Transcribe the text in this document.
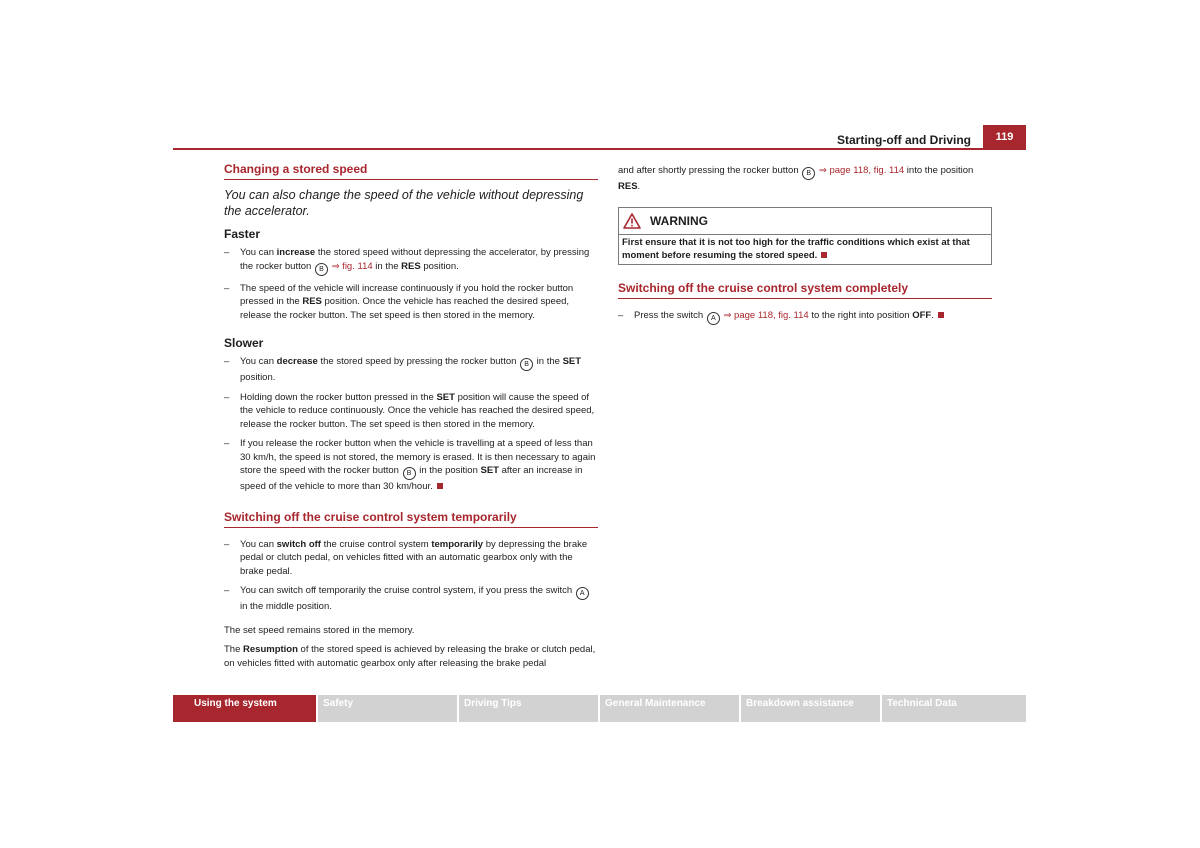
Starting-off and Driving	119
Changing a stored speed

You can also change the speed of the vehicle without depressing the accelerator.

Faster
– You can increase the stored speed without depressing the accelerator, by pressing the rocker button B ⇒ fig. 114 in the RES position.
– The speed of the vehicle will increase continuously if you hold the rocker button pressed in the RES position. Once the vehicle has reached the desired speed, release the rocker button. The set speed is then stored in the memory.
Slower
– You can decrease the stored speed by pressing the rocker button B in the SET position.
– Holding down the rocker button pressed in the SET position will cause the speed of the vehicle to reduce continuously. Once the vehicle has reached the desired speed, release the rocker button. The set speed is then stored in the memory.
– If you release the rocker button when the vehicle is travelling at a speed of less than 30 km/h, the speed is not stored, the memory is erased. It is then necessary to again store the speed with the rocker button B in the position SET after an increase in speed of the vehicle to more than 30 km/hour.
Switching off the cruise control system temporarily
– You can switch off the cruise control system temporarily by depressing the brake pedal or clutch pedal, on vehicles fitted with an automatic gearbox only with the brake pedal.
– You can switch off temporarily the cruise control system, if you press the switch A in the middle position.

The set speed remains stored in the memory.

The Resumption of the stored speed is achieved by releasing the brake or clutch pedal, on vehicles fitted with automatic gearbox only after releasing the brake pedal

and after shortly pressing the rocker button B ⇒ page 118, fig. 114 into the position RES.

WARNING
First ensure that it is not too high for the traffic conditions which exist at that moment before resuming the stored speed.
Switching off the cruise control system completely
– Press the switch A ⇒ page 118, fig. 114 to the right into position OFF.
Using the system	Safety	Driving Tips	General Maintenance	Breakdown assistance	Technical Data
